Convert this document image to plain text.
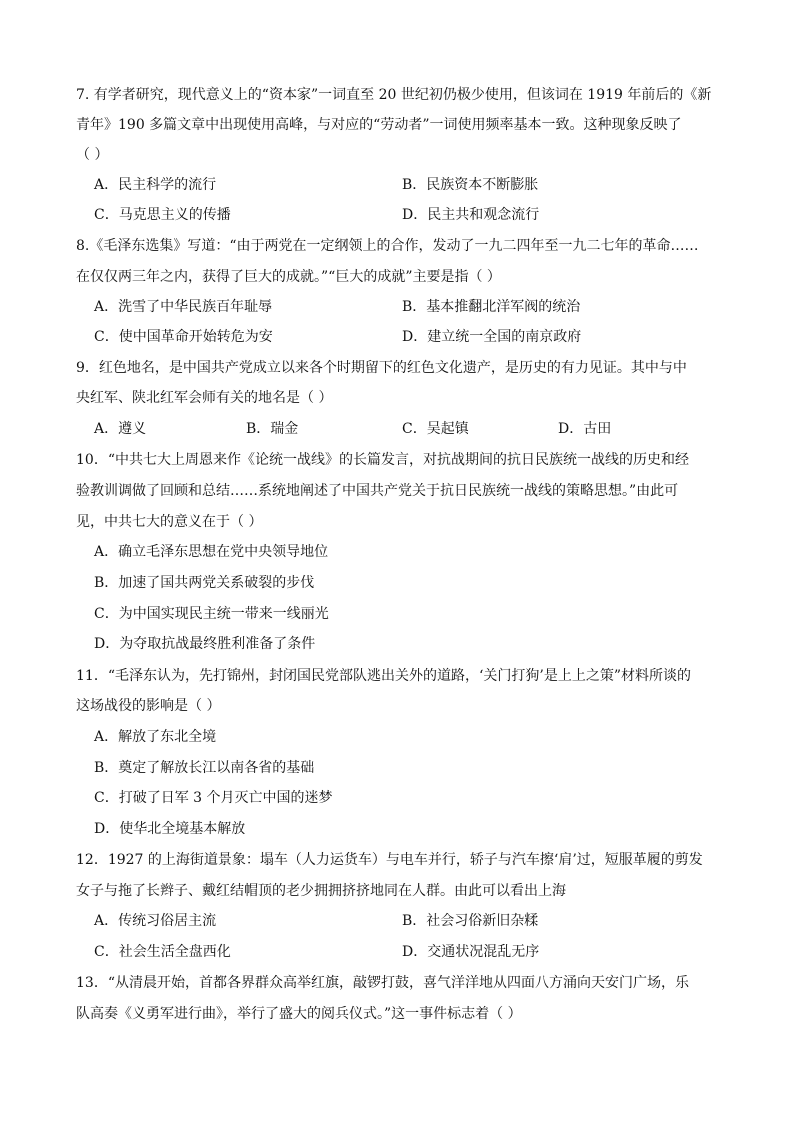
7. 有学者研究，现代意义上的“资本家”一词直至 20 世纪初仍极少使用，但该词在 1919 年前后的《新
青年》190 多篇文章中出现使用高峰，与对应的“劳动者”一词使用频率基本一致。这种现象反映了
（ ）
A．民主科学的流行	B．民族资本不断膨胀
C．马克思主义的传播	D．民主共和观念流行
8.《毛泽东选集》写道：“由于两党在一定纲领上的合作，发动了一九二四年至一九二七年的革命……
在仅仅两三年之内，获得了巨大的成就。”“巨大的成就”主要是指（ ）
A．洗雪了中华民族百年耻辱	B．基本推翻北洋军阀的统治
C．使中国革命开始转危为安	D．建立统一全国的南京政府
9．红色地名，是中国共产党成立以来各个时期留下的红色文化遗产，是历史的有力见证。其中与中
央红军、陕北红军会师有关的地名是（ ）
A．遵义	B．瑞金	C．吴起镇	D．古田
10．“中共七大上周恩来作《论统一战线》的长篇发言，对抗战期间的抗日民族统一战线的历史和经
验教训调做了回顾和总结……系统地阐述了中国共产党关于抗日民族统一战线的策略思想。”由此可
见，中共七大的意义在于（ ）
A．确立毛泽东思想在党中央领导地位
B．加速了国共两党关系破裂的步伐
C．为中国实现民主统一带来一线丽光
D．为夺取抗战最终胜利准备了条件
11．“毛泽东认为，先打锦州，封闭国民党部队逃出关外的道路，‘关门打狗’是上上之策”材料所谈的
这场战役的影响是（ ）
A．解放了东北全境
B．奠定了解放长江以南各省的基础
C．打破了日军 3 个月灭亡中国的迷梦
D．使华北全境基本解放
12．1927 的上海街道景象：塌车（人力运货车）与电车并行，轿子与汽车擦‘肩’过，短服革履的剪发
女子与拖了长辫子、戴红结帽顶的老少拥拥挤挤地同在人群。由此可以看出上海
A．传统习俗居主流	B．社会习俗新旧杂糅
C．社会生活全盘西化	D．交通状况混乱无序
13．“从清晨开始，首都各界群众高举红旗，敲锣打鼓，喜气洋洋地从四面八方涌向天安门广场，乐
队高奏《义勇军进行曲》，举行了盛大的阅兵仪式。”这一事件标志着（ ）
